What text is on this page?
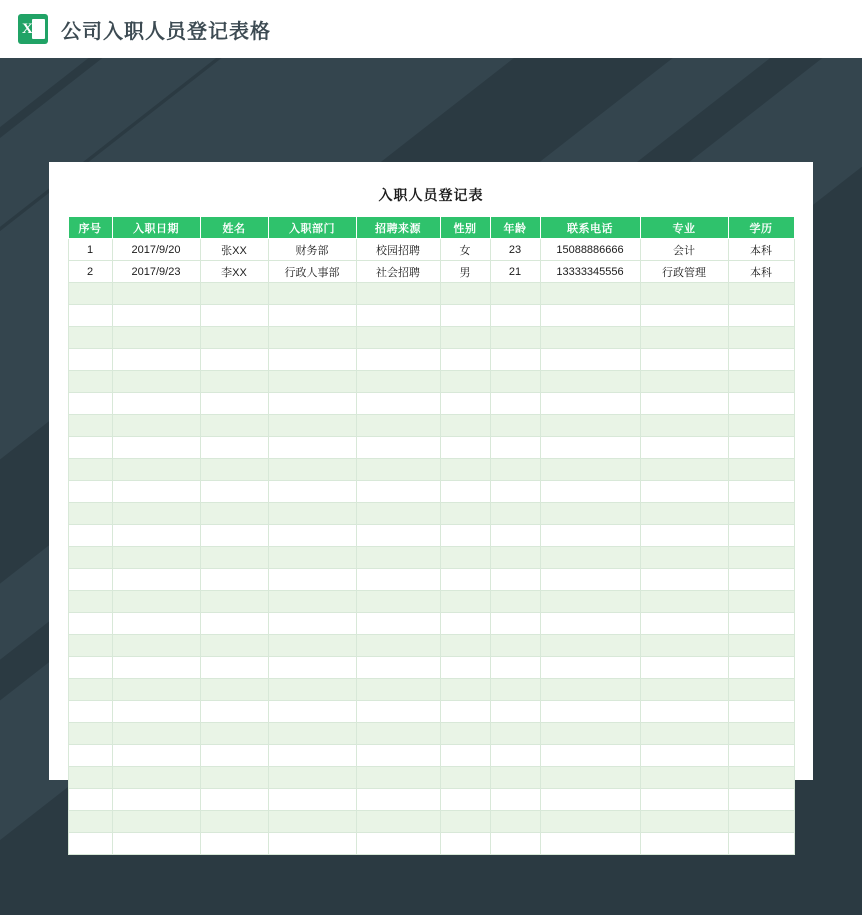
X 公司入职人员登记表格
入职人员登记表
序号	入职日期	姓名	入职部门	招聘来源	性别	年龄	联系电话	专业	学历
1	2017/9/20	张XX	财务部	校园招聘	女	23	15088886666	会计	本科
2	2017/9/23	李XX	行政人事部	社会招聘	男	21	13333345556	行政管理	本科
